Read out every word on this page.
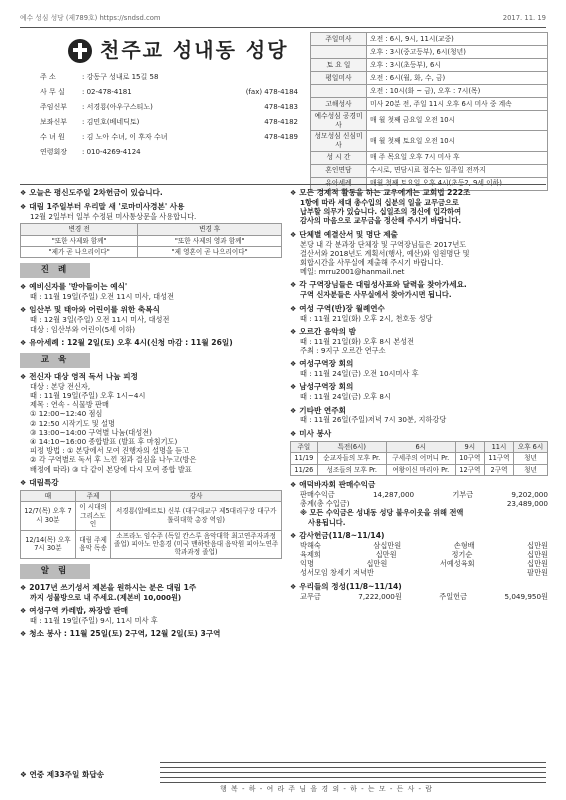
예수 성심 성당 (제789호) https://sndsd.com	2017. 11. 19
천주교 성내동 성당
주 소	: 강동구 성내로 15길 58
사 무 실	: 02-478-4181	(fax) 478-4184
주임신부	: 서경룡(아우구스티노)	478-4183
보좌신부	: 김민호(베네딕토)	478-4182
수 녀 원	: 김 노아 수녀, 이 후자 수녀	478-4189
연령회장	: 010-4269-4124
주일미사	오전 : 6시, 9시, 11시(교중)
	오후 : 3시(중고등부), 6시(청년)
토 요 일	오후 : 3시(초등부), 6시
평일미사	오전 : 6시(월, 화, 수, 금)
	오전 : 10시(화 ~ 금), 오후 : 7시(목)
고해성사	미사 20분 전, 주일 11시 오후 6시 미사 중 계속
예수성심 공경미사	매 월 첫째 금요일 오전 10시
성모성심 신심미사	매 월 첫째 토요일 오전 10시
성 시 간	매 주 목요일 오후 7시 미사 후
혼인면담	수시로, 면담시료 접수는 일주일 전까지

❖ 오늘은 평신도주일 2차헌금이 있습니다.
❖ 대림 1주일부터 우리말 새 '로마미사경본' 사용
12월 2일부터 일부 수정된 미사통상문을 사용합니다.
변경 전	변경 후
"또한 사제와 함께"	"또한 사제의 영과 함께"
"제가 곧 나으리이다"	"제 영혼이 곧 나으리이다"
진 례
❖ 예비신자를 '받아들이는 예식'
때 : 11월 19일(주일) 오전 11시 미사, 대성전
❖ 임산부 및 태아와 어린이를 위한 축복식
때 : 12월 3일(주일) 오전 11시 미사, 대성전
대상 : 임산부와 어린이(5세 이하)
❖ 유아세례 : 12월 2일(토) 오후 4시(신청 마감 : 11월 26일)
교 육
❖ 전신자 대상 영적 독서 나눔 피정
대상 : 본당 전신자,
때 : 11월 19일(주일) 오후 1시~4시
제목 : 연속 - 식물방 판매
① 12:00~12:40 점심
② 12:50 시작기도 및 설명
③ 13:00~14:00 구역별 나눔(대성전)
④ 14:10~16:00 종합발표 (발표 후 마침기도)
피정 방법 : ① 본당에서 모여 진행자의 설명을 듣고
② 각 구역별로 독서 후 느낀 점과 결심을 나누고(방은
배정에 따라) ③ 다 같이 본당에 다시 모여 종합 발표
❖ 대림특강
때	주제	강사
12/7(목) 오후 7시 30분	이 시대의 그리스도인	서경룡(알베르토) 신부 (대구대교구 제5대리구장 대구가톨릭대학 총장 역임)
12/14(목) 오후 7시 30분	대림 주제 음악 독송	소프라노 임수주 (독일 칸스루 음악대학 최고연주자과정 졸업) 피아노 안흥경 (미국 맨하탄음대 음악원 피아노연주학과과정 졸업)
알 림
❖ 2017년 쓰기성서 제본을 원하시는 분은 대림 1주
까지 성물방으로 내 주세요.(제본비 10,000원)
❖ 여성구역 카레밥, 짜장밥 판매
때 : 11월 19일(주일) 9시, 11시 미사 후
❖ 청소 봉사 : 11월 25일(토) 2구역, 12월 2일(토) 3구역
❖ 모든 경제적 활동을 하는 교우에게는 교회법 222조
1항에 따라 세대 총수입의 십분의 일을 교무금으로
납부할 의무가 있습니다. 십일조의 정신에 입각하여
감사의 마음으로 교무금을 정산해 주시기 바랍니다.
❖ 단체별 예결산서 및 명단 제출
본당 내 각 분과장 단체장 및 구역장님들은 2017년도
결산서와 2018년도 계획서(행사, 예산)와 임원명단 및
회합시간을 사무실에 제출해 주시기 바랍니다.
메일: mrru2001@hanmail.net
❖ 각 구역장님들은 대림성사표와 달력을 찾아가세요.
구역 신자분들은 사무실에서 찾아가시면 됩니다.
❖ 여성 구역(반)장 월례연수
때 : 11월 21일(화) 오후 2시, 천호동 성당
❖ 오르간 음악의 밤
때 : 11월 21일(화) 오후 8시 본성전
주최 : 9지구 오르간 연구소
❖ 여성구역장 회의
때 : 11월 24일(금) 오전 10시미사 후
❖ 남성구역장 회의
때 : 11월 24일(금) 오후 8시
❖ 기타반 연주회
때 : 11월 26일(주일)저녁 7시 30분, 지하강당
❖ 미사 봉사
주일	특전(6시)	6시	9시	11시	오후 6시
11/19	순교자들의 모후 Pr.	구세주의 어머니 Pr.	10구역	11구역	청년
11/26	성조들의 모후 Pr.	여왕이신 마리아 Pr.	12구역	2구역	청년
❖ 애덕바자회 판매수익금
판매수익금	14,287,000	기부금	9,202,000
총계(총 수입금)	23,489,000
※ 모든 수익금은 성내동 성당 불우이웃을 위해 전액
사용됩니다.
❖ 감사헌금(11/8~11/14)
박해숙	삼십만원	손형배	십만원
육제희	십만원	정기순	십만원
익명	십만원	서예성육회	십만원
성서모임 창세기 저녁반	팔만원
❖ 우리들의 정성(11/8~11/14)
교무금	7,222,000원	주일헌금	5,049,950원
❖ 연중 제33주일 화답송
행 복 - 하 - 여 라 주 님 을 경 외 - 하 - 는 모 - 든 사 - 람
